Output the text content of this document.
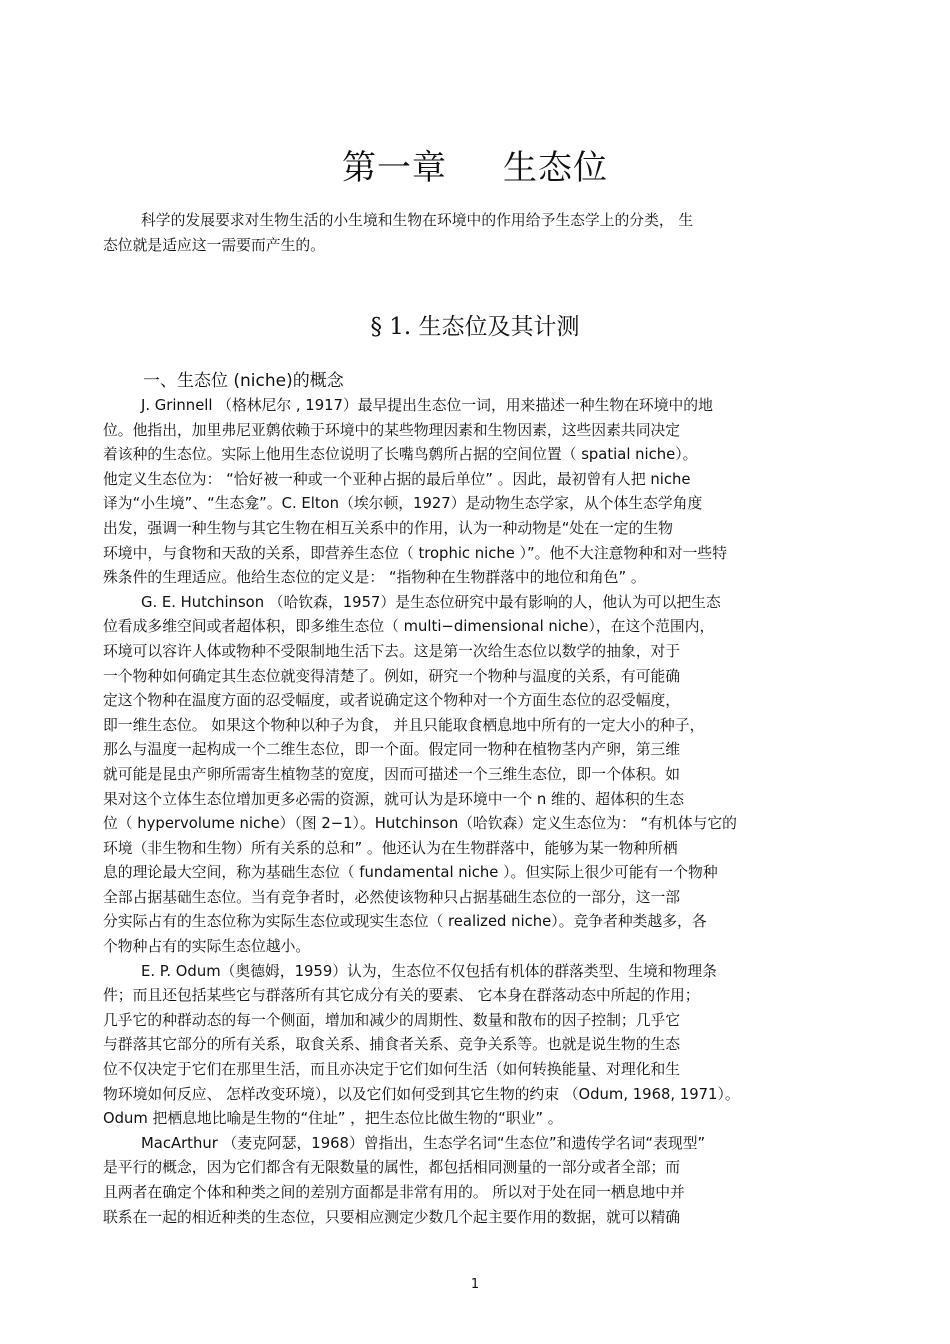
第一章 生态位
科学的发展要求对生物生活的小生境和生物在环境中的作用给予生态学上的分类， 生
态位就是适应这一需要而产生的。
§ 1. 生态位及其计测
一、生态位 (niche)的概念
J. Grinnell （格林尼尔 , 1917）最早提出生态位一词，用来描述一种生物在环境中的地
位。他指出，加里弗尼亚鹩依赖于环境中的某些物理因素和生物因素，这些因素共同决定
着该种的生态位。实际上他用生态位说明了长嘴鸟鹩所占据的空间位置（ spatial niche）。
他定义生态位为： “恰好被一种或一个亚种占据的最后单位” 。因此，最初曾有人把 niche
译为“小生境”、“生态龛”。C. Elton（埃尔顿，1927）是动物生态学家，从个体生态学角度
出发，强调一种生物与其它生物在相互关系中的作用，认为一种动物是“处在一定的生物
环境中，与食物和天敌的关系，即营养生态位（ trophic niche ）”。他不大注意物种和对一些特
殊条件的生理适应。他给生态位的定义是： “指物种在生物群落中的地位和角色” 。
G. E. Hutchinson （哈钦森，1957）是生态位研究中最有影响的人，他认为可以把生态
位看成多维空间或者超体积，即多维生态位（ multi−dimensional niche），在这个范围内，
环境可以容许人体或物种不受限制地生活下去。这是第一次给生态位以数学的抽象，对于
一个物种如何确定其生态位就变得清楚了。例如，研究一个物种与温度的关系，有可能确
定这个物种在温度方面的忍受幅度，或者说确定这个物种对一个方面生态位的忍受幅度，
即一维生态位。 如果这个物种以种子为食， 并且只能取食栖息地中所有的一定大小的种子，
那么与温度一起构成一个二维生态位，即一个面。假定同一物种在植物茎内产卵，第三维
就可能是昆虫产卵所需寄生植物茎的宽度，因而可描述一个三维生态位，即一个体积。如
果对这个立体生态位增加更多必需的资源，就可认为是环境中一个 n 维的、超体积的生态
位（ hypervolume niche）（图 2−1）。Hutchinson（哈钦森）定义生态位为： “有机体与它的
环境（非生物和生物）所有关系的总和” 。他还认为在生物群落中，能够为某一物种所栖
息的理论最大空间，称为基础生态位（ fundamental niche ）。但实际上很少可能有一个物种
全部占据基础生态位。当有竞争者时，必然使该物种只占据基础生态位的一部分，这一部
分实际占有的生态位称为实际生态位或现实生态位（ realized niche）。竞争者种类越多，各
个物种占有的实际生态位越小。
E. P. Odum（奥德姆，1959）认为，生态位不仅包括有机体的群落类型、生境和物理条
件；而且还包括某些它与群落所有其它成分有关的要素、 它本身在群落动态中所起的作用；
几乎它的种群动态的每一个侧面，增加和减少的周期性、数量和散布的因子控制；几乎它
与群落其它部分的所有关系，取食关系、捕食者关系、竞争关系等。也就是说生物的生态
位不仅决定于它们在那里生活，而且亦决定于它们如何生活（如何转换能量、对理化和生
物环境如何反应、 怎样改变环境），以及它们如何受到其它生物的约束 （Odum, 1968, 1971）。
Odum 把栖息地比喻是生物的“住址” ，把生态位比做生物的“职业” 。
MacArthur （麦克阿瑟，1968）曾指出，生态学名词“生态位”和遗传学名词“表现型”
是平行的概念，因为它们都含有无限数量的属性，都包括相同测量的一部分或者全部；而
且两者在确定个体和种类之间的差别方面都是非常有用的。 所以对于处在同一栖息地中并
联系在一起的相近种类的生态位，只要相应测定少数几个起主要作用的数据，就可以精确
1
